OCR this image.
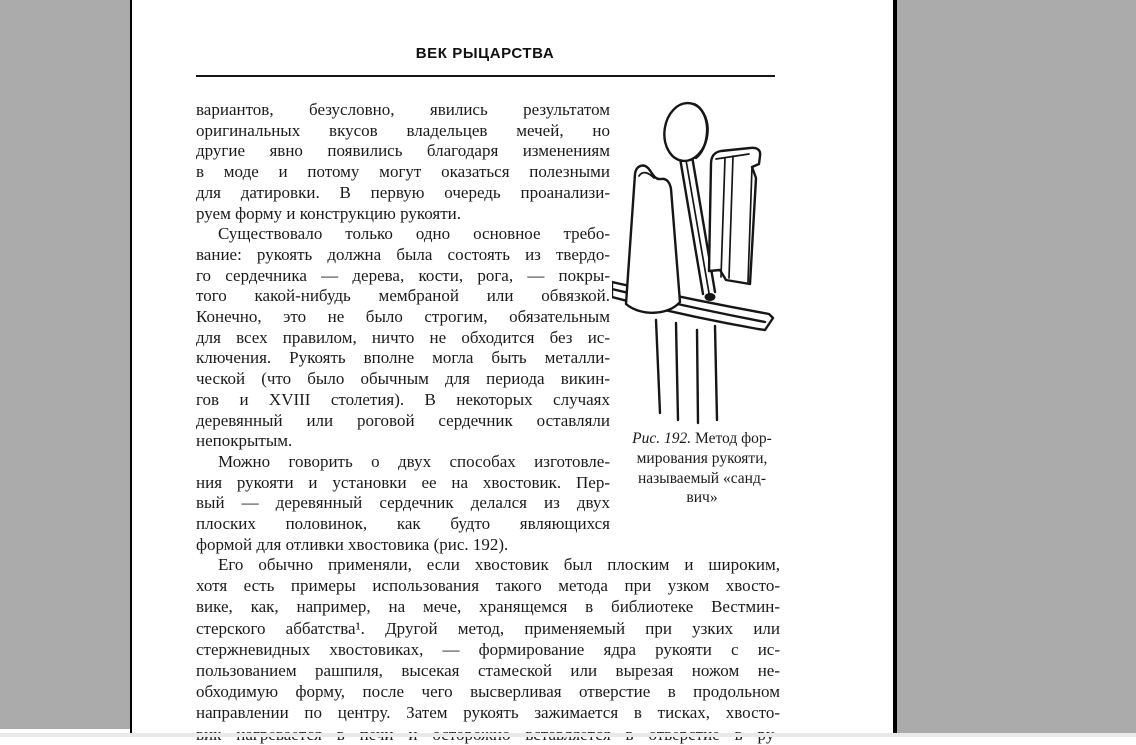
ВЕК РЫЦАРСТВА
вариантов, безусловно, явились результатом
оригинальных вкусов владельцев мечей, но
другие явно появились благодаря изменениям
в моде и потому могут оказаться полезными
для датировки. В первую очередь проанализи-
руем форму и конструкцию рукояти.
Существовало только одно основное требо-
вание: рукоять должна была состоять из твердо-
го сердечника — дерева, кости, рога, — покры-
того какой-нибудь мембраной или обвязкой.
Конечно, это не было строгим, обязательным
для всех правилом, ничто не обходится без ис-
ключения. Рукоять вполне могла быть металли-
ческой (что было обычным для периода викин-
гов и XVIII столетия). В некоторых случаях
деревянный или роговой сердечник оставляли
непокрытым.
Можно говорить о двух способах изготовле-
ния рукояти и установки ее на хвостовик. Пер-
вый — деревянный сердечник делался из двух
плоских половинок, как будто являющихся
формой для отливки хвостовика (рис. 192).
Рис. 192. Метод фор-
мирования рукояти,
называемый «санд-
вич»
Его обычно применяли, если хвостовик был плоским и широким,
хотя есть примеры использования такого метода при узком хвосто-
вике, как, например, на мече, хранящемся в библиотеке Вестмин-
стерского аббатства¹. Другой метод, применяемый при узких или
стержневидных хвостовиках, — формирование ядра рукояти с ис-
пользованием рашпиля, высекая стамеской или вырезая ножом не-
обходимую форму, после чего высверливая отверстие в продольном
направлении по центру. Затем рукоять зажимается в тисках, хвосто-
